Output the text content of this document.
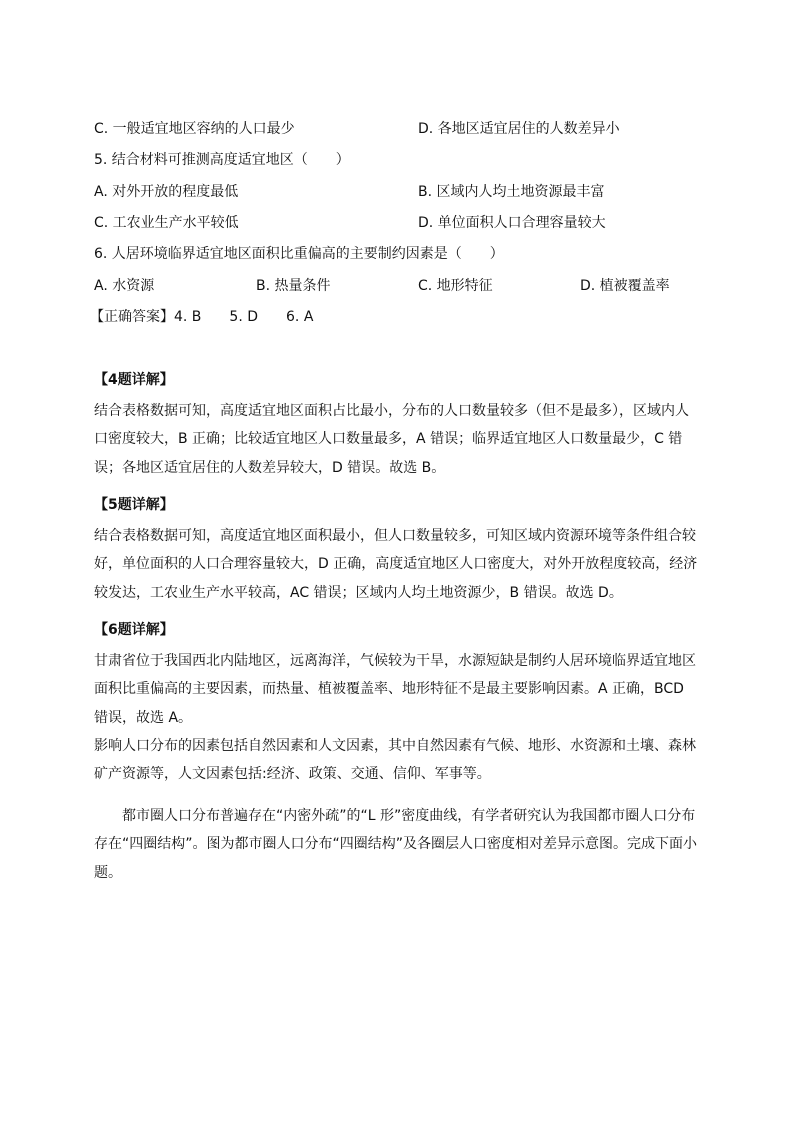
C. 一般适宜地区容纳的人口最少	D. 各地区适宜居住的人数差异小
5. 结合材料可推测高度适宜地区（　　）
A. 对外开放的程度最低	B. 区域内人均土地资源最丰富
C. 工农业生产水平较低	D. 单位面积人口合理容量较大
6. 人居环境临界适宜地区面积比重偏高的主要制约因素是（　　）
A. 水资源	B. 热量条件	C. 地形特征	D. 植被覆盖率
【正确答案】4. B 5. D 6. A
【4题详解】
结合表格数据可知，高度适宜地区面积占比最小，分布的人口数量较多（但不是最多），区域内人
口密度较大，B 正确；比较适宜地区人口数量最多，A 错误；临界适宜地区人口数量最少，C 错
误；各地区适宜居住的人数差异较大，D 错误。故选 B。
【5题详解】
结合表格数据可知，高度适宜地区面积最小，但人口数量较多，可知区域内资源环境等条件组合较
好，单位面积的人口合理容量较大，D 正确，高度适宜地区人口密度大，对外开放程度较高，经济
较发达，工农业生产水平较高，AC 错误；区域内人均土地资源少，B 错误。故选 D。
【6题详解】
甘肃省位于我国西北内陆地区，远离海洋，气候较为干旱，水源短缺是制约人居环境临界适宜地区
面积比重偏高的主要因素，而热量、植被覆盖率、地形特征不是最主要影响因素。A 正确，BCD
错误，故选 A。
影响人口分布的因素包括自然因素和人文因素，其中自然因素有气候、地形、水资源和土壤、森林
矿产资源等，人文因素包括:经济、政策、交通、信仰、军事等。
　　都市圈人口分布普遍存在“内密外疏”的“L 形”密度曲线，有学者研究认为我国都市圈人口分布
存在“四圈结构”。图为都市圈人口分布“四圈结构”及各圈层人口密度相对差异示意图。完成下面小
题。
